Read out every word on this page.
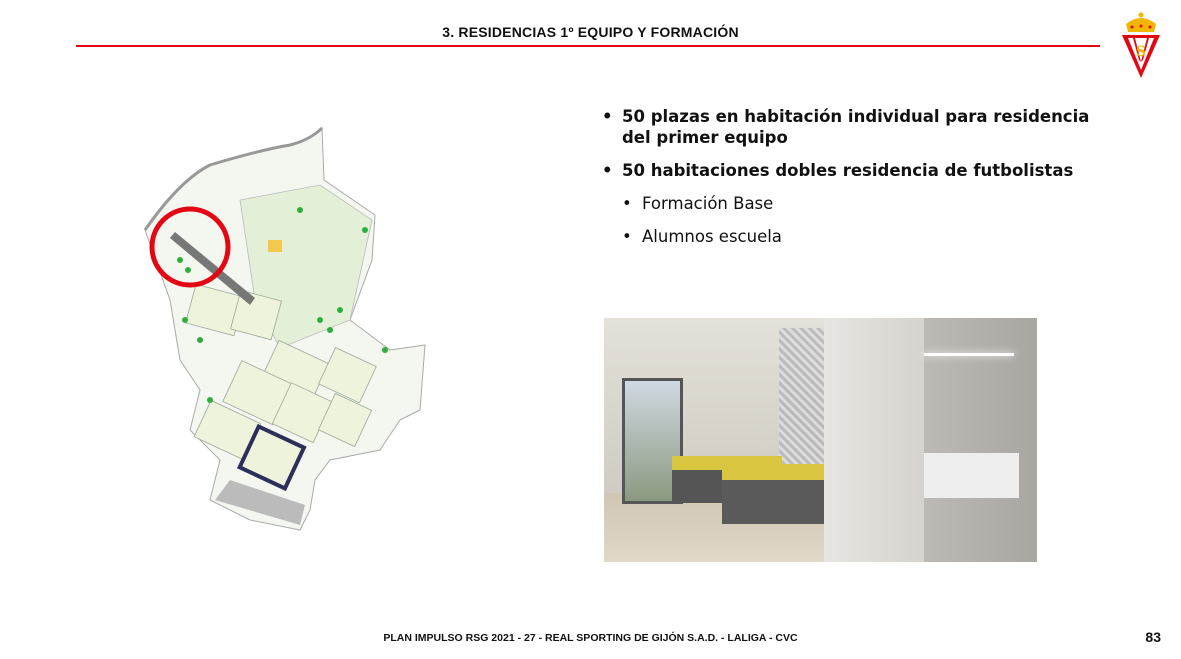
3. RESIDENCIAS 1º EQUIPO Y FORMACIÓN
S
• 50 plazas en habitación individual para residencia del primer equipo
• 50 habitaciones dobles residencia de futbolistas
• Formación Base
• Alumnos escuela
PLAN IMPULSO RSG 2021 - 27 - REAL SPORTING DE GIJÓN S.A.D. - LALIGA - CVC	83
